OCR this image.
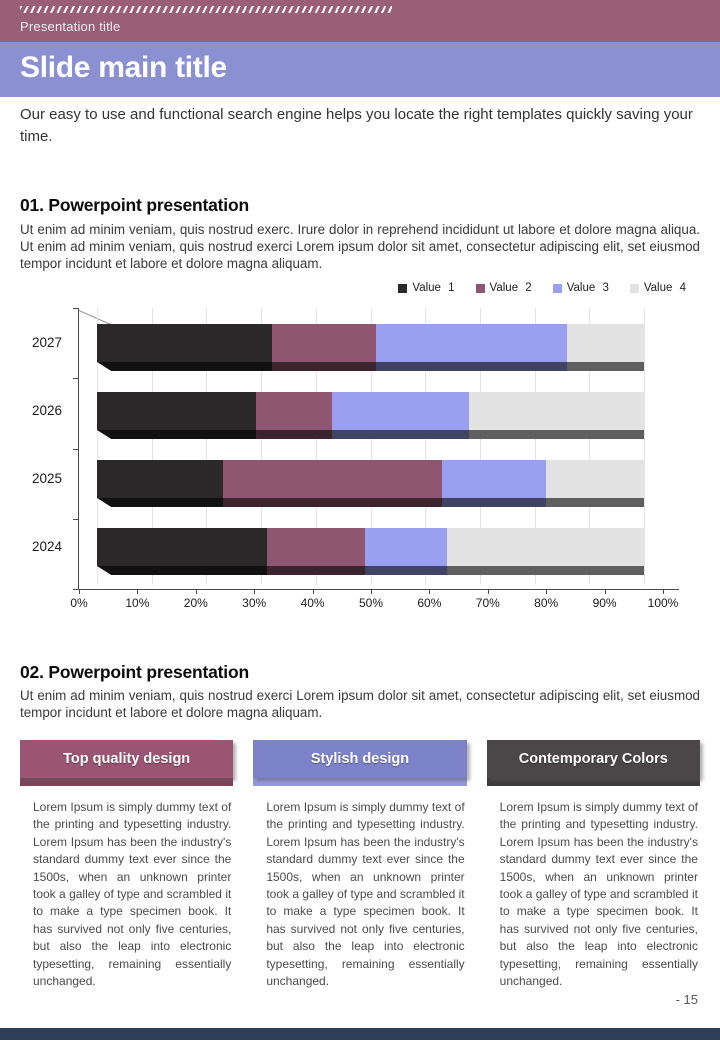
Presentation title
Slide main title
Our easy to use and functional search engine helps you locate the right templates quickly saving your time.
01. Powerpoint presentation
Ut enim ad minim veniam, quis nostrud exerc. Irure dolor in reprehend incididunt ut labore et dolore magna aliqua. Ut enim ad minim veniam, quis nostrud exerci Lorem ipsum dolor sit amet, consectetur adipiscing elit, set eiusmod tempor incidunt et labore et dolore magna aliquam.
Value 1	Value 2	Value 3	Value 4
0%	10%	20%	30%	40%	50%	60%	70%	80%	90%	100%
2027
2026
2025
2024
02. Powerpoint presentation
Ut enim ad minim veniam, quis nostrud exerci Lorem ipsum dolor sit amet, consectetur adipiscing elit, set eiusmod tempor incidunt et labore et dolore magna aliquam.
Top quality design
Lorem Ipsum is simply dummy text of the printing and typesetting industry. Lorem Ipsum has been the industry's standard dummy text ever since the 1500s, when an unknown printer took a galley of type and scrambled it to make a type specimen book. It has survived not only five centuries, but also the leap into electronic typesetting, remaining essentially unchanged.
Stylish design
Lorem Ipsum is simply dummy text of the printing and typesetting industry. Lorem Ipsum has been the industry's standard dummy text ever since the 1500s, when an unknown printer took a galley of type and scrambled it to make a type specimen book. It has survived not only five centuries, but also the leap into electronic typesetting, remaining essentially unchanged.
Contemporary Colors
Lorem Ipsum is simply dummy text of the printing and typesetting industry. Lorem Ipsum has been the industry's standard dummy text ever since the 1500s, when an unknown printer took a galley of type and scrambled it to make a type specimen book. It has survived not only five centuries, but also the leap into electronic typesetting, remaining essentially unchanged.
- 15
